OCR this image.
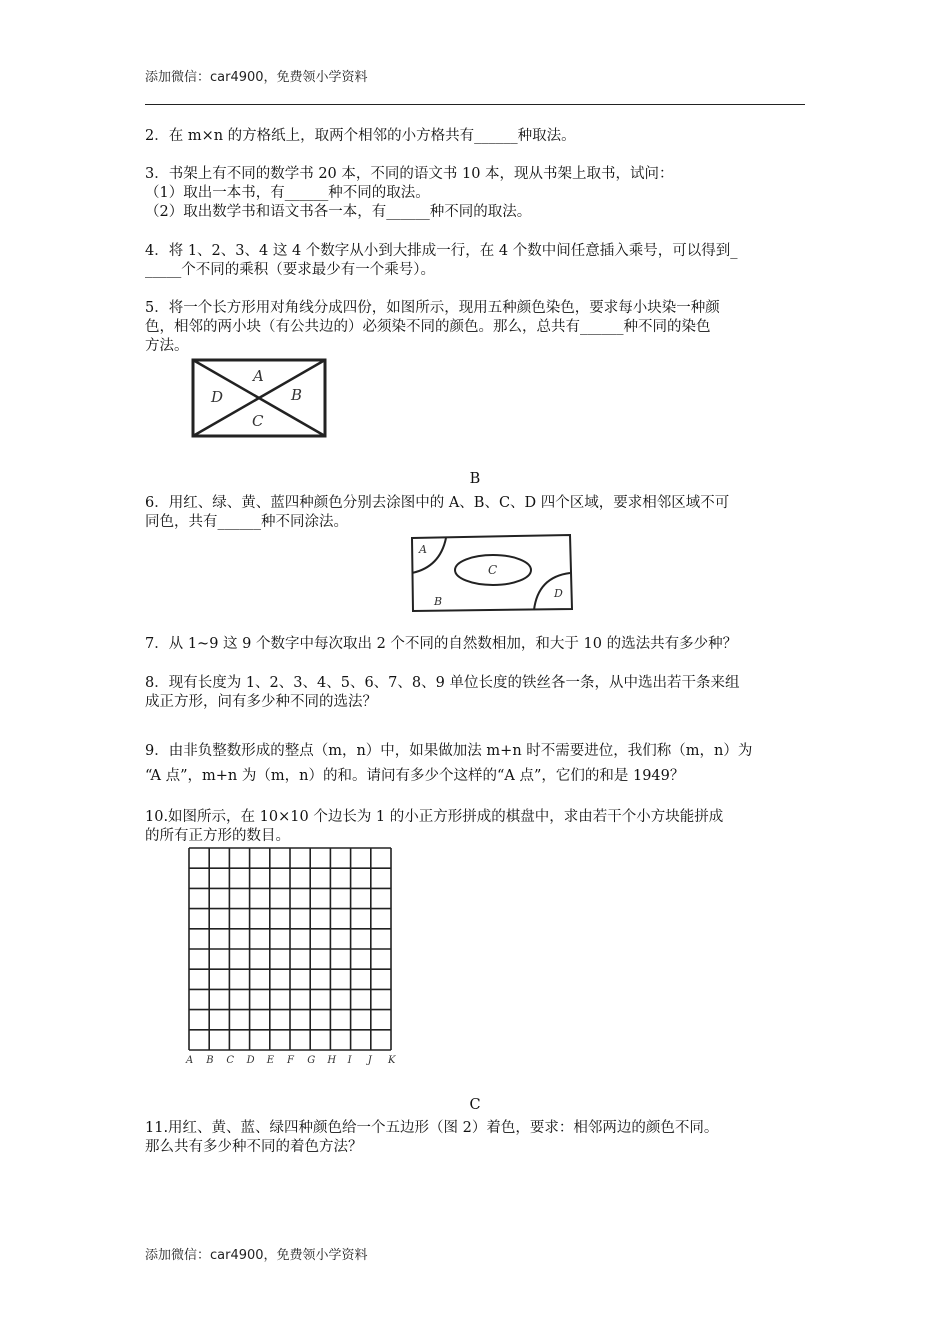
添加微信：car4900，免费领小学资料
2．在 m×n 的方格纸上，取两个相邻的小方格共有______种取法。
3．书架上有不同的数学书 20 本，不同的语文书 10 本，现从书架上取书，试问：
（1）取出一本书，有______种不同的取法。
（2）取出数学书和语文书各一本，有______种不同的取法。
4．将 1、2、3、4 这 4 个数字从小到大排成一行，在 4 个数中间任意插入乘号，可以得到_
_____个不同的乘积（要求最少有一个乘号）。
5．将一个长方形用对角线分成四份，如图所示，现用五种颜色染色，要求每小块染一种颜
色，相邻的两小块（有公共边的）必须染不同的颜色。那么，总共有______种不同的染色
方法。
A
B
C
D
B
6．用红、绿、黄、蓝四种颜色分别去涂图中的 A、B、C、D 四个区域，要求相邻区域不可
同色，共有______种不同涂法。
A
C
B
D
7．从 1~9 这 9 个数字中每次取出 2 个不同的自然数相加，和大于 10 的选法共有多少种？
8．现有长度为 1、2、3、4、5、6、7、8、9 单位长度的铁丝各一条，从中选出若干条来组
成正方形，问有多少种不同的选法？
9．由非负整数形成的整点（m，n）中，如果做加法 m+n 时不需要进位，我们称（m，n）为
“A 点”，m+n 为（m，n）的和。请问有多少个这样的“A 点”，它们的和是 1949？
10.如图所示，在 10×10 个边长为 1 的小正方形拼成的棋盘中，求由若干个小方块能拼成
的所有正方形的数目。
A B C D E F G H I J K
C
11.用红、黄、蓝、绿四种颜色给一个五边形（图 2）着色，要求：相邻两边的颜色不同。
那么共有多少种不同的着色方法？
添加微信：car4900，免费领小学资料
